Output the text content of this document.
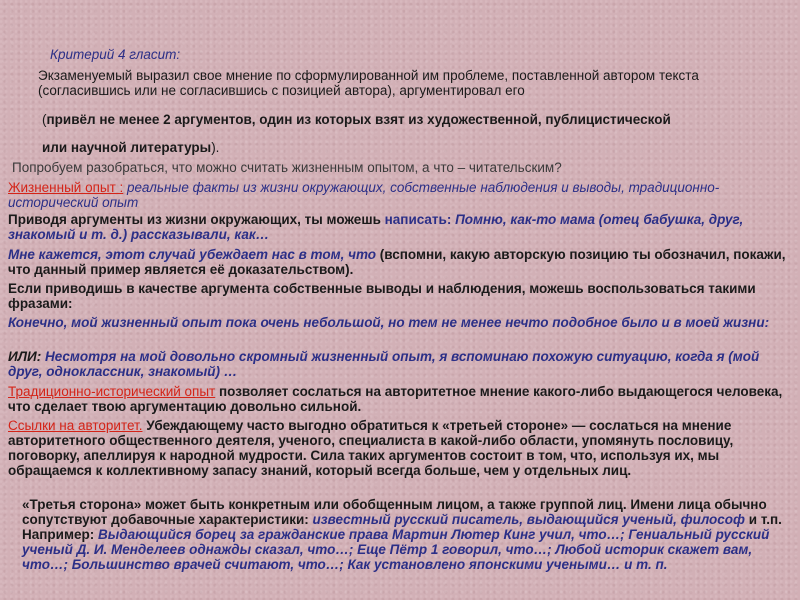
Критерий 4 гласит:
Экзаменуемый выразил свое мнение по сформулированной им проблеме, поставленной автором текста (согласившись или не согласившись с позицией автора), аргументировал его
(привёл не менее 2 аргументов, один из которых взят из художественной, публицистической
или научной литературы).
Попробуем разобраться, что можно считать жизненным опытом, а что – читательским?
Жизненный опыт : реальные факты из жизни окружающих, собственные наблюдения и выводы, традиционно- исторический опыт
Приводя аргументы из жизни окружающих, ты можешь написать: Помню, как-то мама (отец бабушка, друг, знакомый и т. д.) рассказывали, как…
Мне кажется, этот случай убеждает нас в том, что (вспомни, какую авторскую позицию ты обозначил, покажи, что данный пример является её доказательством).
Если приводишь в качестве аргумента собственные выводы и наблюдения, можешь воспользоваться такими фразами:
Конечно, мой жизненный опыт пока очень небольшой, но тем не менее нечто подобное было и в моей жизни:
ИЛИ: Несмотря на мой довольно скромный жизненный опыт, я вспоминаю похожую ситуацию, когда я (мой друг, одноклассник, знакомый) …
Традиционно-исторический опыт позволяет сослаться на авторитетное мнение какого-либо выдающегося человека, что сделает твою аргументацию довольно сильной.
Ссылки на авторитет. Убеждающему часто выгодно обратиться к «третьей стороне» — сослаться на мнение авторитетного общественного деятеля, ученого, специалиста в какой-либо области, упомянуть пословицу, поговорку, апеллируя к народной мудрости. Сила таких аргументов состоит в том, что, используя их, мы обращаемся к коллективному запасу знаний, который всегда больше, чем у отдельных лиц.
«Третья сторона» может быть конкретным или обобщенным лицом, а также группой лиц. Имени лица обычно сопутствуют добавочные характеристики: известный русский писатель, выдающийся ученый, философ и т.п. Например: Выдающийся борец за гражданские права Мартин Лютер Кинг учил, что…; Гениальный русский ученый Д. И. Менделеев однажды сказал, что…; Еще Пётр 1 говорил, что…; Любой историк скажет вам, что…; Большинство врачей считают, что…; Как установлено японскими учеными… и т. п.
